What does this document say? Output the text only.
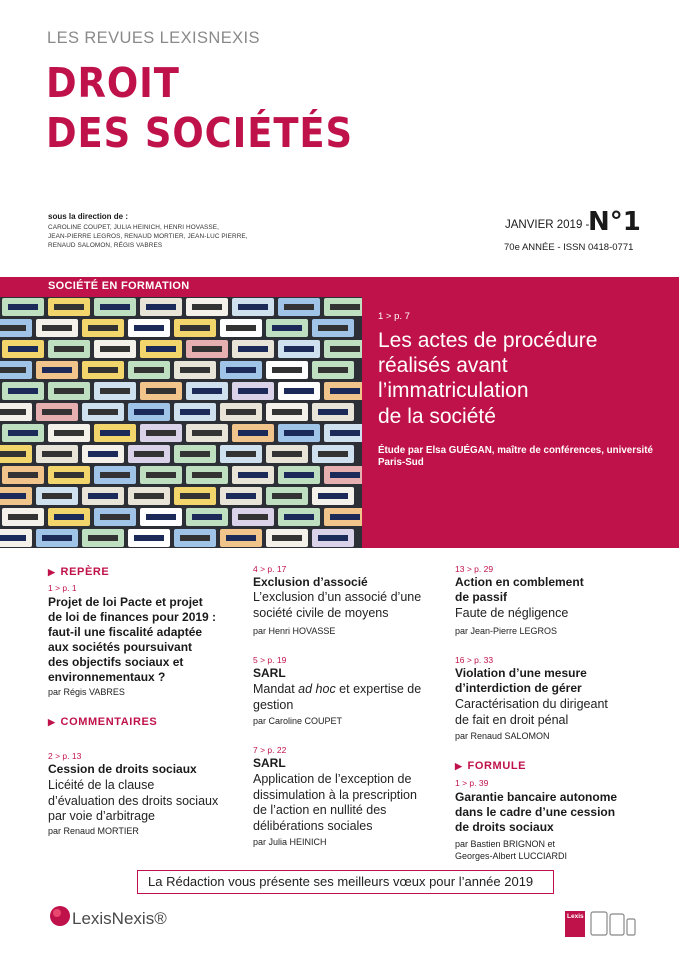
LES REVUES LEXISNEXIS
DROIT
DES SOCIÉTÉS
sous la direction de :
CAROLINE COUPET, JULIA HEINICH, HENRI HOVASSE,
JEAN-PIERRE LEGROS, RENAUD MORTIER, JEAN-LUC PIERRE,
RENAUD SALOMON, RÉGIS VABRES
JANVIER 2019 -
N°1
70e ANNÉE - ISSN 0418-0771
SOCIÉTÉ EN FORMATION
1 > p. 7
Les actes de procédure
réalisés avant
l’immatriculation
de la société
Étude par Elsa GUÉGAN, maître de conférences, université Paris-Sud
▶ REPÈRE
1 > p. 1
Projet de loi Pacte et projet
de loi de finances pour 2019 :
faut-il une fiscalité adaptée
aux sociétés poursuivant
des objectifs sociaux et
environnementaux ?
par Régis VABRES
▶ COMMENTAIRES
2 > p. 13
Cession de droits sociaux
Licéité de la clause
d’évaluation des droits sociaux
par voie d’arbitrage
par Renaud MORTIER
4 > p. 17
Exclusion d’associé
L’exclusion d’un associé d’une
société civile de moyens
par Henri HOVASSE
5 > p. 19
SARL
Mandat ad hoc et expertise de
gestion
par Caroline COUPET
7 > p. 22
SARL
Application de l’exception de
dissimulation à la prescription
de l’action en nullité des
délibérations sociales
par Julia HEINICH
13 > p. 29
Action en comblement
de passif
Faute de négligence
par Jean-Pierre LEGROS
16 > p. 33
Violation d’une mesure
d’interdiction de gérer
Caractérisation du dirigeant
de fait en droit pénal
par Renaud SALOMON
▶ FORMULE
1 > p. 39
Garantie bancaire autonome
dans le cadre d’une cession
de droits sociaux
par Bastien BRIGNON et
Georges-Albert LUCCIARDI
La Rédaction vous présente ses meilleurs vœux pour l’année 2019
LexisNexis®	Lexis 360
